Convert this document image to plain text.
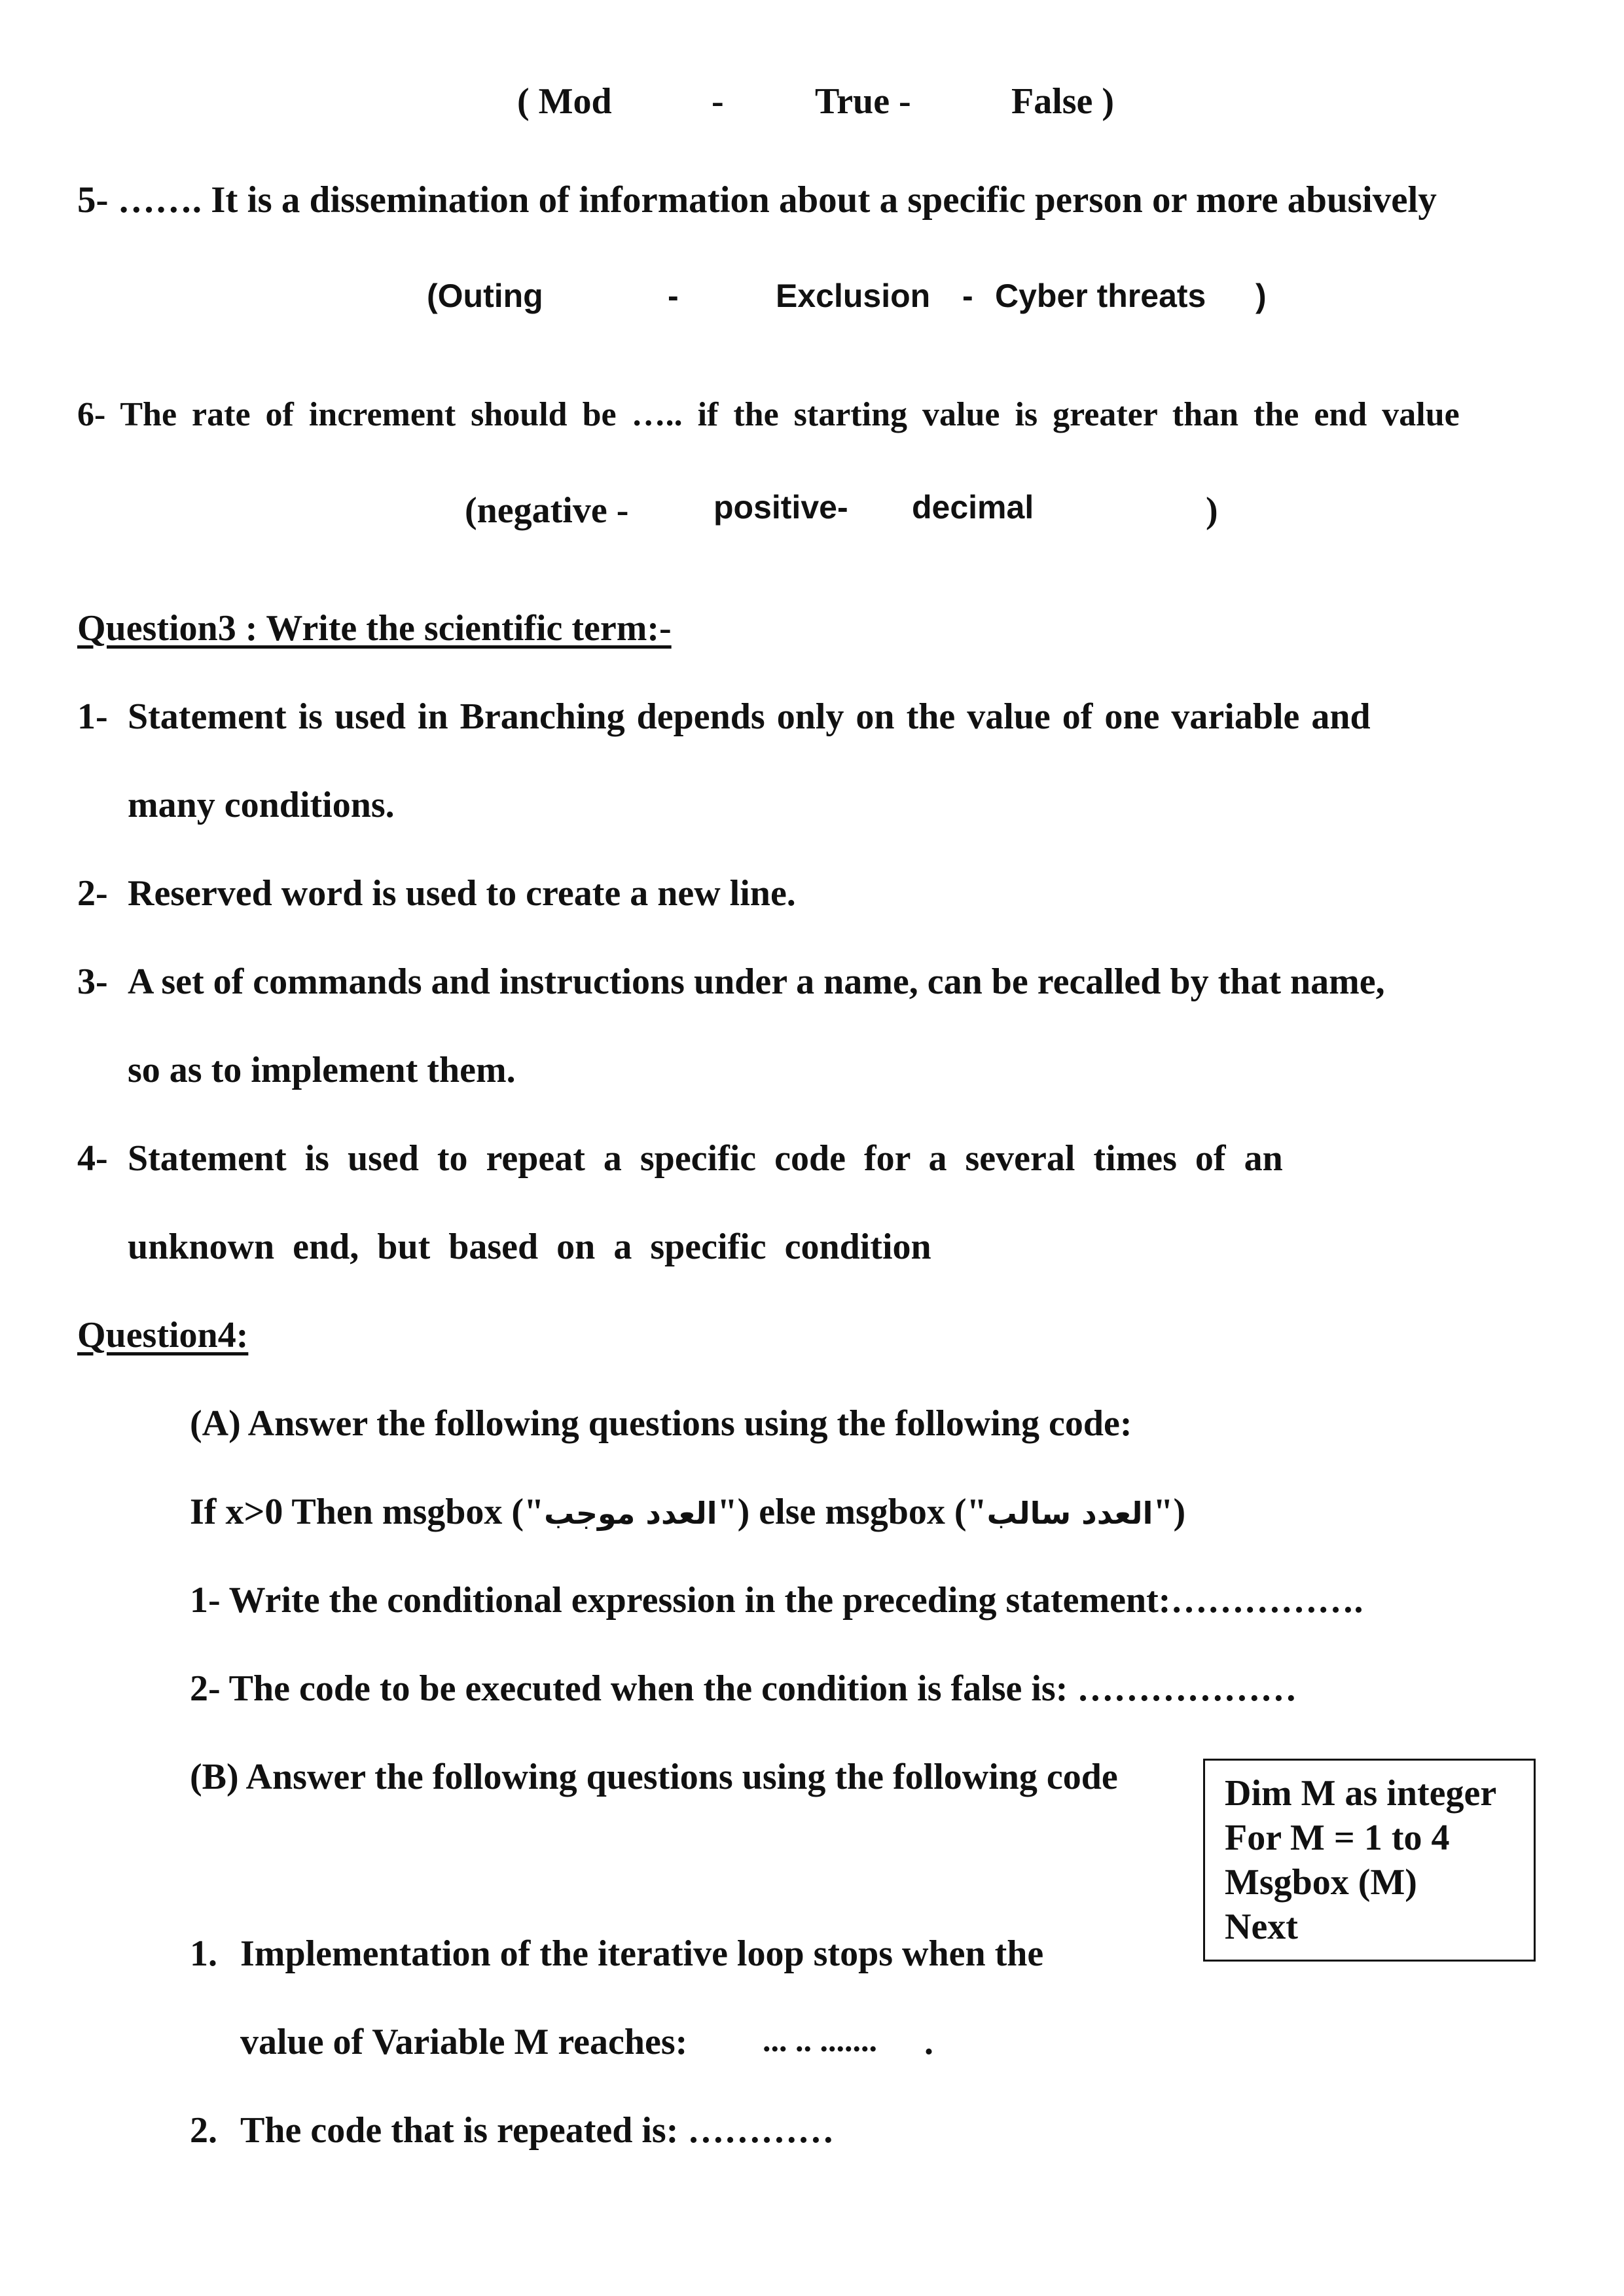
( Mod	- True -	False )
5- ……. It is a dissemination of information about a specific person or more abusively
(Outing	-	Exclusion - Cyber threats )
6- The rate of increment should be ….. if the starting value is greater than the end value
(negative -	positive- decimal	)
Question3 : Write the scientific term:-
1- Statement is used in Branching depends only on the value of one variable and
many conditions.
2- Reserved word is used to create a new line.
3- A set of commands and instructions under a name, can be recalled by that name,
so as to implement them.
4- Statement is used to repeat a specific code for a several times of an
unknown end, but based on a specific condition
Question4:
(A) Answer the following questions using the following code:
If x>0 Then msgbox ("العدد موجب") else msgbox ("العدد سالب")
1- Write the conditional expression in the preceding statement:…………….
2- The code to be executed when the condition is false is: ………………
(B) Answer the following questions using the following code	Dim M as integer
For M = 1 to 4
Msgbox (M)
Next
1. Implementation of the iterative loop stops when the
value of Variable M reaches: ... .. ....... .
2. The code that is repeated is: …………
